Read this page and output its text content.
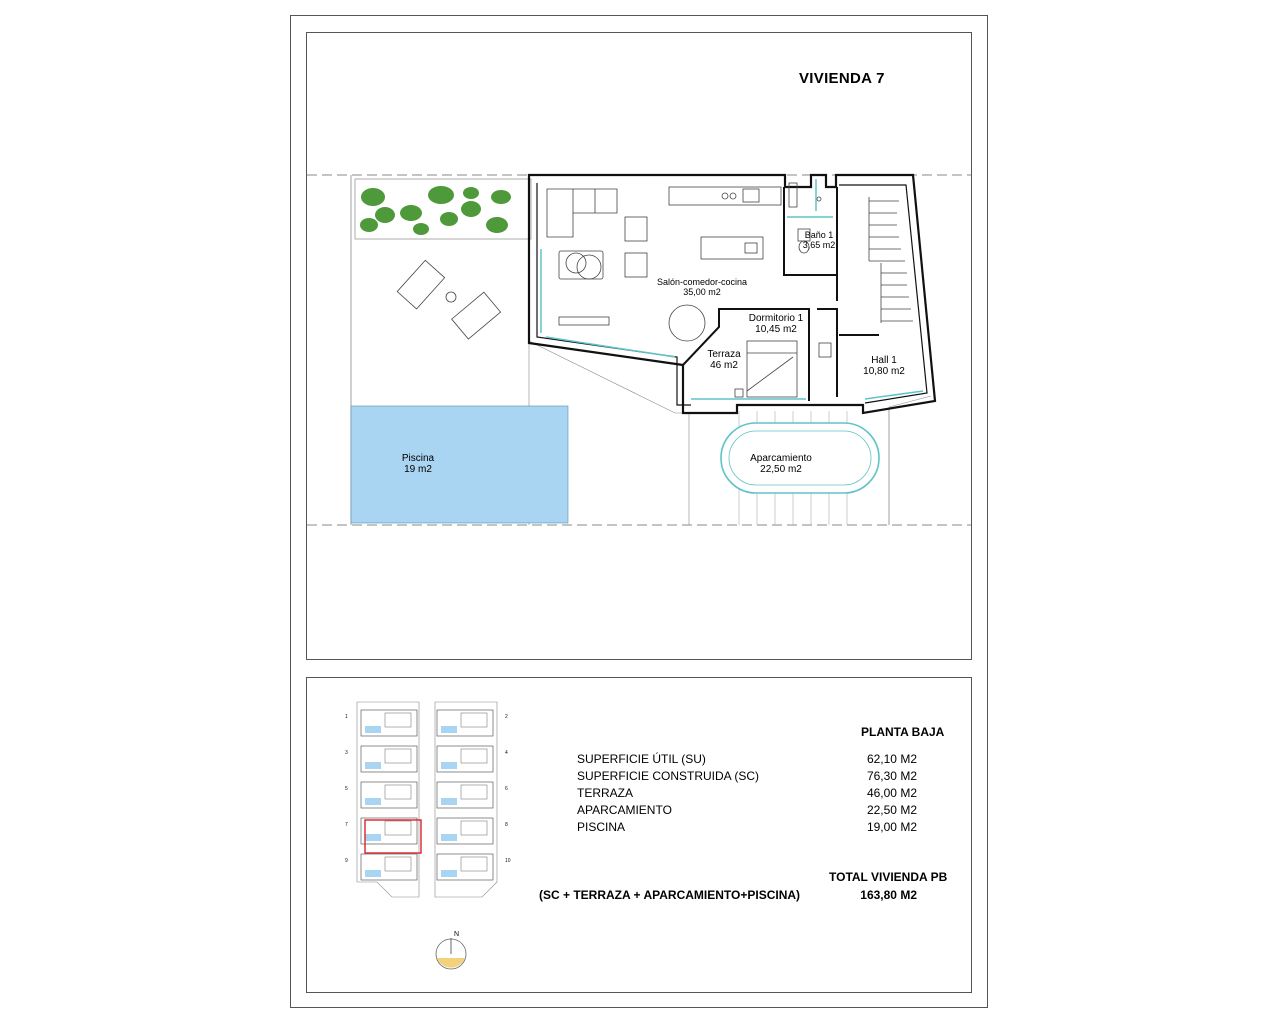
VIVIENDA 7
Terraza
46 m2
Piscina
19 m2
Salón-comedor-cocina
35,00 m2
Baño 1
3,65 m2
Dormitorio 1
10,45 m2
Hall 1
10,80 m2
Aparcamiento
22,50 m2
1	2
3	4
5	6
7	8
9	10
N
PLANTA BAJA
SUPERFICIE ÚTIL (SU)	62,10 M2
SUPERFICIE CONSTRUIDA (SC)	76,30 M2
TERRAZA	46,00 M2
APARCAMIENTO	22,50 M2
PISCINA	19,00 M2
TOTAL VIVIENDA PB
(SC + TERRAZA + APARCAMIENTO+PISCINA)	163,80 M2
